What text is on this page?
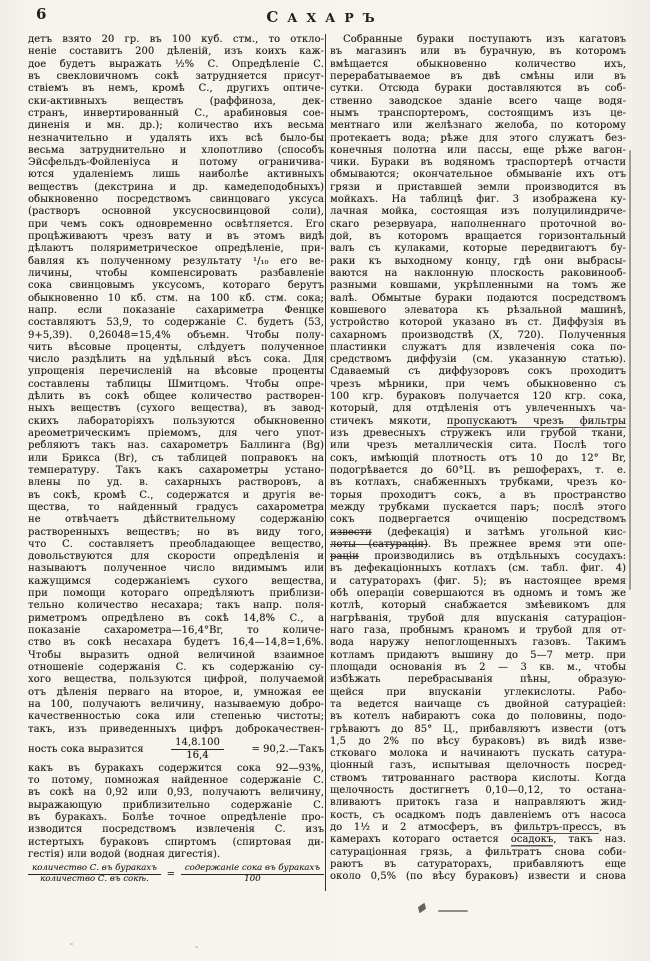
6	САХАРЪ
детъ взято 20 гр. въ 100 куб. стм., то откло-
неніе составитъ 200 дѣленій, изъ коихъ каж-
дое будетъ выражать ½% С. Опредѣленіе С.
въ свекловичномъ сокѣ затрудняется присут-
ствіемъ въ немъ, кромѣ С., другихъ оптиче-
ски-активныхъ веществъ (раффиноза, дек-
странъ, инвертированный С., арабиновыя сое-
диненія и мн. др.); количество ихъ весьма
незначительно и удалять ихъ всѣ было-бы
весьма затруднительно и хлопотливо (способъ
Эйсфельдъ-Фойленіуса и потому ограничива-
ются удаленіемъ лишь наиболѣе активныхъ
веществъ (декстрина и др. камедеподобныхъ)
обыкновенно посредствомъ свинцоваго уксуса
(растворъ основной уксусносвинцовой соли),
при чемъ сокъ одновременно освѣтляется. Его
процѣживаютъ чрезъ вату и въ этомъ видѣ
дѣлаютъ поляриметрическое опредѣленіе, при-
бавляя къ полученному результату ¹/₁₀ его ве-
личины, чтобы компенсировать разбавленіе
сока свинцовымъ уксусомъ, котораго берутъ
обыкновенно 10 кб. стм. на 100 кб. стм. сока;
напр. если показаніе сахариметра Фенцке
составляютъ 53,9, то содержаніе С. будетъ (53,
9+5,39). 0,26048=15,4% объемн. Чтобы полу-
чить вѣсовые проценты, слѣдуетъ полученное
число раздѣлить на удѣльный вѣсъ сока. Для
упрощенія перечисленій на вѣсовые проценты
составлены таблицы Шмитцомъ. Чтобы опре-
дѣлить въ сокѣ общее количество растворен-
ныхъ веществъ (сухого вещества), въ завод-
скихъ лабораторіяхъ пользуются обыкновенно
ареометрическимъ пріемомъ, для чего упот-
ребляютъ такъ наз. сахарометръ Баллинга (Bg)
или Брикса (Br), съ таблицей поправокъ на
температуру. Такъ какъ сахарометры устано-
влены по уд. в. сахарныхъ растворовъ, а
въ сокѣ, кромѣ С., содержатся и другія ве-
щества, то найденный градусъ сахарометра
не отвѣчаетъ дѣйствительному содержанію
растворенныхъ веществъ; но въ виду того,
что С. составляетъ преобладающее вещество,
довольствуются для скорости опредѣленія и
называютъ полученное число видимымъ или
кажущимся содержаніемъ сухого вещества,
при помощи котораго опредѣляютъ приблизи-
тельно количество несахара; такъ напр. поля-
риметромъ опредѣлено въ сокѣ 14,8% С., а
показаніе сахарометра—16,4°Br, то количе-
ство въ сокѣ несахара будетъ 16,4—14,8=1,6%.
Чтобы выразить одной величиной взаимное
отношеніе содержанія С. къ содержанію су-
хого вещества, пользуются цифрой, получаемой
отъ дѣленія перваго на второе, и, умножая ее
на 100, получаютъ величину, называемую добро-
качественностью сока или степенью чистоты;
такъ, изъ приведенныхъ цифръ доброкачествен-
ность сока выразится	$\frac{14,8.100}{16,4}$	= 90,2.—Такъ
какъ въ буракахъ содержится сока 92—93%,
то потому, помножая найденное содержаніе С.
въ сокѣ на 0,92 или 0,93, получаютъ величину,
выражающую приблизительно содержаніе С.
въ буракахъ. Болѣе точное опредѣленіе про-
изводится посредствомъ извлеченія С. изъ
истертыхъ бураковъ спиртомъ (спиртовая ди-
гестія) или водой (водная дигестія).
$\frac{\text{количество С. въ буракахъ}}{\text{количество С. въ сокѣ.}} = \frac{\text{содержаніе сока въ буракахъ}}{100}$
Собранные бураки поступаютъ изъ кагатовъ
въ магазинъ или въ бурачную, въ которомъ
вмѣщается обыкновенно количество ихъ,
перерабатываемое въ двѣ смѣны или въ
сутки. Отсюда бураки доставляются въ соб-
ственно заводское зданіе всего чаще водя-
нымъ транспортеромъ, состоящимъ изъ це-
ментнаго или желѣзнаго желоба, по которому
протекаетъ вода; рѣже для этого служатъ без-
конечныя полотна или пассы, еще рѣже вагон-
чики. Бураки въ водяномъ траспортерѣ отчасти
обмываются; окончательное обмываніе ихъ отъ
грязи и приставшей земли производится въ
мойкахъ. На таблицѣ фиг. 3 изображена ку-
лачная мойка, состоящая изъ полуцилиндриче-
скаго резервуара, наполненнаго проточной во-
дой, въ которомъ вращается горизонтальный
валъ съ кулаками, которые передвигаютъ бу-
раки къ выходному концу, гдѣ они выбрасы-
ваются на наклонную плоскость раковинооб-
разными ковшами, укрѣпленными на томъ же
валѣ. Обмытые бураки подаются посредствомъ
ковшевого элеватора къ рѣзальной машинѣ,
устройство которой указано въ ст. Диффузія въ
сахарномъ производствѣ (X, 720). Полученныя
пластинки служатъ для извлеченія сока по-
средствомъ диффузіи (см. указанную статью).
Сдаваемый съ диффузоровъ сокъ проходитъ
чрезъ мѣрники, при чемъ обыкновенно съ
100 кгр. бураковъ получается 120 кгр. сока,
который, для отдѣленія отъ увлеченныхъ ча-
стичекъ мякоти, пропускаютъ чрезъ фильтры
изъ древесныхъ стружекъ или грубой ткани,
или чрезъ металлическія сита. Послѣ того
сокъ, имѣющій плотность отъ 10 до 12° Br,
подогрѣвается до 60°Ц. въ решоферахъ, т. е.
въ котлахъ, снабженныхъ трубками, чрезъ ко-
торыя проходитъ сокъ, а въ пространство
между трубками пускается паръ; послѣ этого
сокъ подвергается очищенію посредствомъ
извести (дефекація) и затѣмъ угольной кис-
лоты (сатурація). Въ прежнее время эти опе-
раціи производились въ отдѣльныхъ сосудахъ:
въ дефекаціонныхъ котлахъ (см. табл. фиг. 4)
и сатураторахъ (фиг. 5); въ настоящее время
обѣ операціи совершаются въ одномъ и томъ же
котлѣ, который снабжается змѣевикомъ для
нагрѣванія, трубой для впусканія сатураціон-
наго газа, пробнымъ краномъ и трубой для от-
вода наружу непоглощенныхъ газовъ. Такимъ
котламъ придаютъ вышину до 5—7 метр. при
площади основанія въ 2 — 3 кв. м., чтобы
избѣжать перебрасыванія пѣны, образую-
щейся при впусканіи углекислоты. Рабо-
та ведется наичаще съ двойной сатураціей:
въ котелъ набираютъ сока до половины, подо-
грѣваютъ до 85° Ц., прибавляютъ извести (отъ
1,5 до 2% по вѣсу бураковъ) въ видѣ изве-
стковаго молока и начинаютъ пускать сатура-
ціонный газъ, испытывая щелочность посред-
ствомъ титрованнаго раствора кислоты. Когда
щелочность достигнетъ 0,10—0,12, то остана-
вливаютъ притокъ газа и направляютъ жид-
кость, съ осадкомъ подъ давленіемъ отъ насоса
до 1½ и 2 атмосферъ, въ фильтръ-прессъ, въ
камерахъ котораго остается осадокъ, такъ наз.
сатураціонная грязь, а фильтратъ снова соби-
раютъ въ сатураторахъ, прибавляютъ еще
около 0,5% (по вѣсу бураковъ) извести и снова
